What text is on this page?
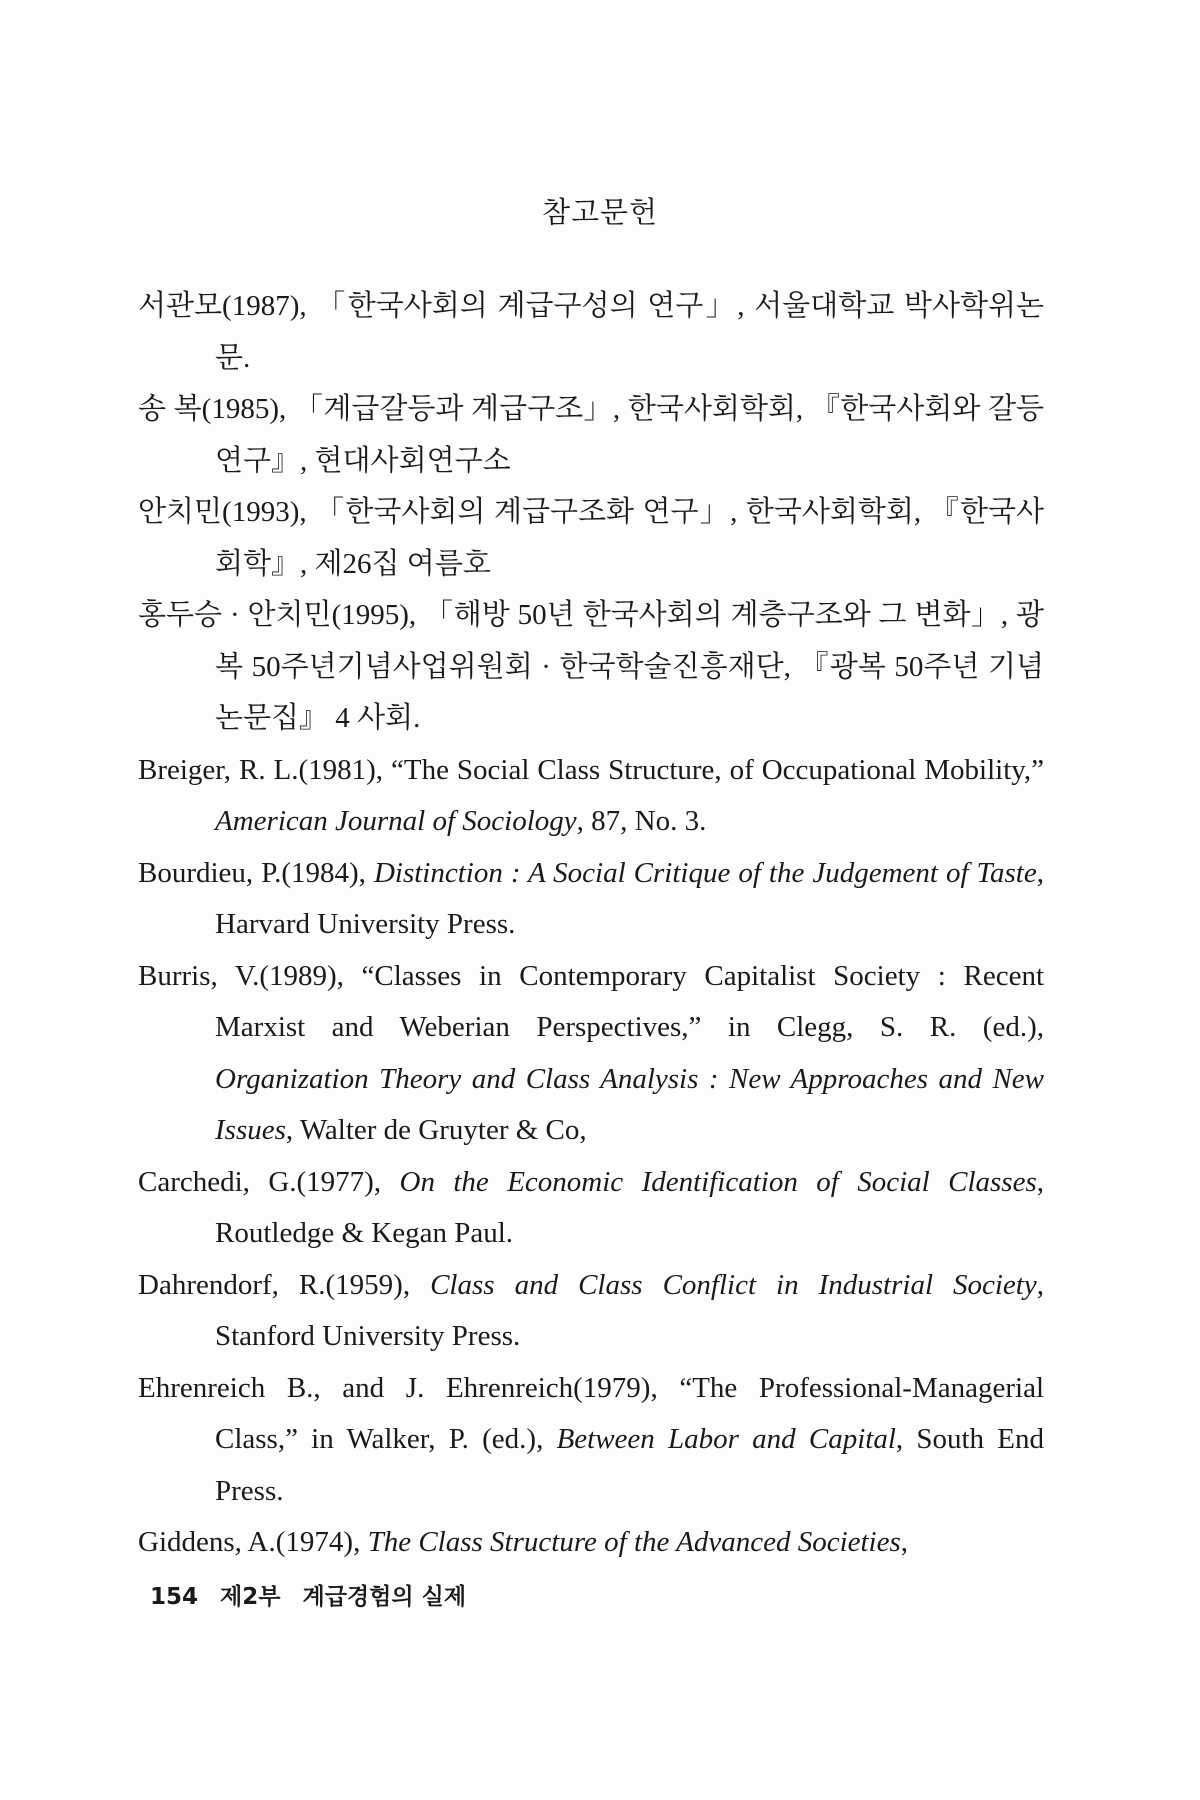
참고문헌

서관모(1987), 「한국사회의 계급구성의 연구」, 서울대학교 박사학위논문.

송 복(1985), 「계급갈등과 계급구조」, 한국사회학회, 『한국사회와 갈등연구』, 현대사회연구소

안치민(1993), 「한국사회의 계급구조화 연구」, 한국사회학회, 『한국사회학』, 제26집 여름호

홍두승 · 안치민(1995), 「해방 50년 한국사회의 계층구조와 그 변화」, 광복 50주년기념사업위원회 · 한국학술진흥재단, 『광복 50주년 기념논문집』 4 사회.

Breiger, R. L.(1981), “The Social Class Structure, of Occupational Mobility,” American Journal of Sociology, 87, No. 3.

Bourdieu, P.(1984), Distinction : A Social Critique of the Judgement of Taste, Harvard University Press.

Burris, V.(1989), “Classes in Contemporary Capitalist Society : Recent Marxist and Weberian Perspectives,” in Clegg, S. R. (ed.), Organization Theory and Class Analysis : New Approaches and New Issues, Walter de Gruyter & Co,

Carchedi, G.(1977), On the Economic Identification of Social Classes, Routledge & Kegan Paul.

Dahrendorf, R.(1959), Class and Class Conflict in Industrial Society, Stanford University Press.

Ehrenreich B., and J. Ehrenreich(1979), “The Professional-Managerial Class,” in Walker, P. (ed.), Between Labor and Capital, South End Press.

Giddens, A.(1974), The Class Structure of the Advanced Societies,

154 제2부 계급경험의 실제
